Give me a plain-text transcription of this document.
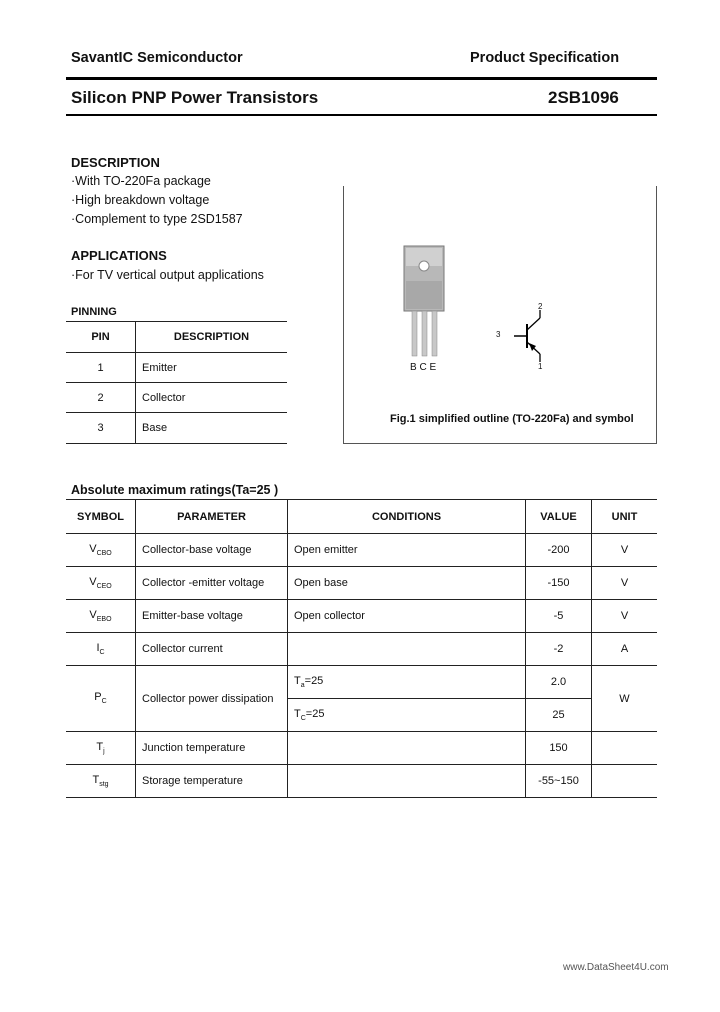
SavantIC Semiconductor	Product Specification
Silicon PNP Power Transistors	2SB1096
DESCRIPTION
·With TO-220Fa package
·High breakdown voltage
·Complement to type 2SD1587
APPLICATIONS
·For TV vertical output applications
PINNING
PIN	DESCRIPTION
1	Emitter
2	Collector
3	Base
B C E
2
3
1
Fig.1 simplified outline (TO-220Fa) and symbol
Absolute maximum ratings(Ta=25 )
SYMBOL	PARAMETER	CONDITIONS	VALUE	UNIT
$V_{CBO}$	Collector-base voltage	Open emitter	-200	V
$V_{CEO}$	Collector -emitter voltage	Open base	-150	V
$V_{EBO}$	Emitter-base voltage	Open collector	-5	V
$I_C$	Collector current		-2	A
$P_C$	Collector power dissipation	$T_a=25$	2.0	W
		$T_C=25$	25	
$T_j$	Junction temperature		150	
$T_{stg}$	Storage temperature		-55~150	
www.DataSheet4U.com
